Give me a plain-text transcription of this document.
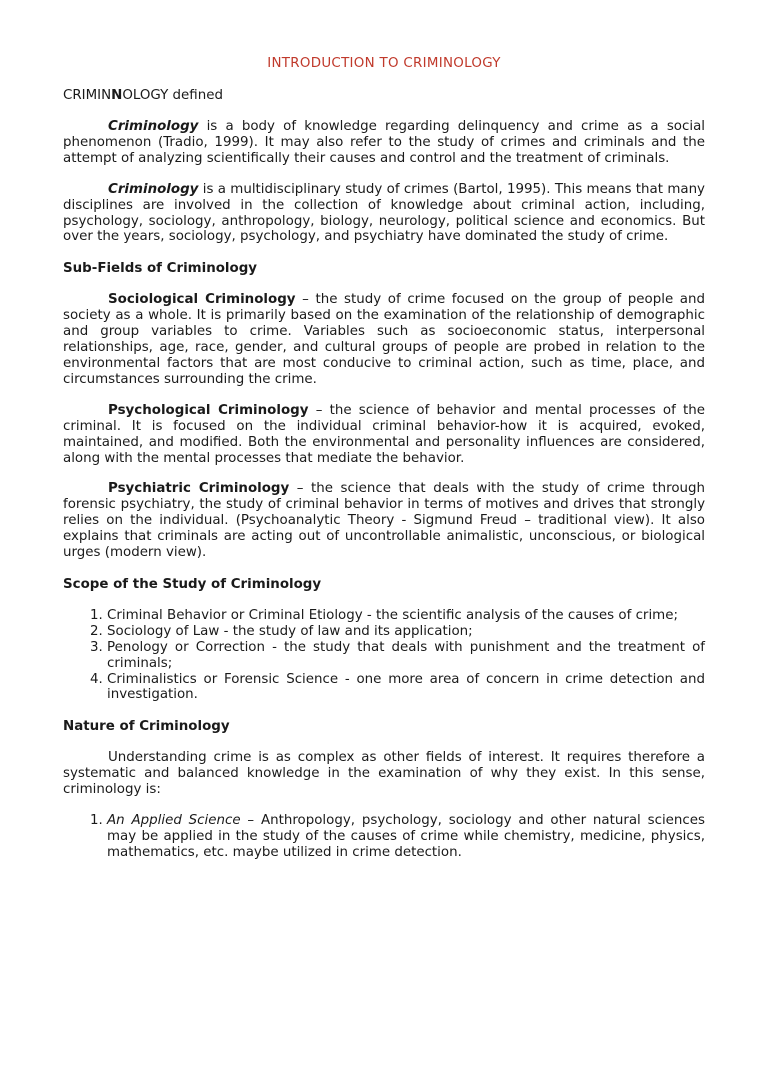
INTRODUCTION TO CRIMINOLOGY
CRIMINNOLOGY defined

Criminology is a body of knowledge regarding delinquency and crime as a social phenomenon (Tradio, 1999). It may also refer to the study of crimes and criminals and the attempt of analyzing scientifically their causes and control and the treatment of criminals.

Criminology is a multidisciplinary study of crimes (Bartol, 1995). This means that many disciplines are involved in the collection of knowledge about criminal action, including, psychology, sociology, anthropology, biology, neurology, political science and economics. But over the years, sociology, psychology, and psychiatry have dominated the study of crime.

Sub-Fields of Criminology

Sociological Criminology – the study of crime focused on the group of people and society as a whole. It is primarily based on the examination of the relationship of demographic and group variables to crime. Variables such as socioeconomic status, interpersonal relationships, age, race, gender, and cultural groups of people are probed in relation to the environmental factors that are most conducive to criminal action, such as time, place, and circumstances surrounding the crime.

Psychological Criminology – the science of behavior and mental processes of the criminal. It is focused on the individual criminal behavior-how it is acquired, evoked, maintained, and modified. Both the environmental and personality influences are considered, along with the mental processes that mediate the behavior.

Psychiatric Criminology – the science that deals with the study of crime through forensic psychiatry, the study of criminal behavior in terms of motives and drives that strongly relies on the individual. (Psychoanalytic Theory - Sigmund Freud – traditional view). It also explains that criminals are acting out of uncontrollable animalistic, unconscious, or biological urges (modern view).

Scope of the Study of Criminology
1. Criminal Behavior or Criminal Etiology - the scientific analysis of the causes of crime;
2. Sociology of Law - the study of law and its application;
3. Penology or Correction - the study that deals with punishment and the treatment of criminals;
4. Criminalistics or Forensic Science - one more area of concern in crime detection and investigation.
Nature of Criminology

Understanding crime is as complex as other fields of interest. It requires therefore a systematic and balanced knowledge in the examination of why they exist. In this sense, criminology is:

1. An Applied Science – Anthropology, psychology, sociology and other natural sciences may be applied in the study of the causes of crime while chemistry, medicine, physics, mathematics, etc. maybe utilized in crime detection.
